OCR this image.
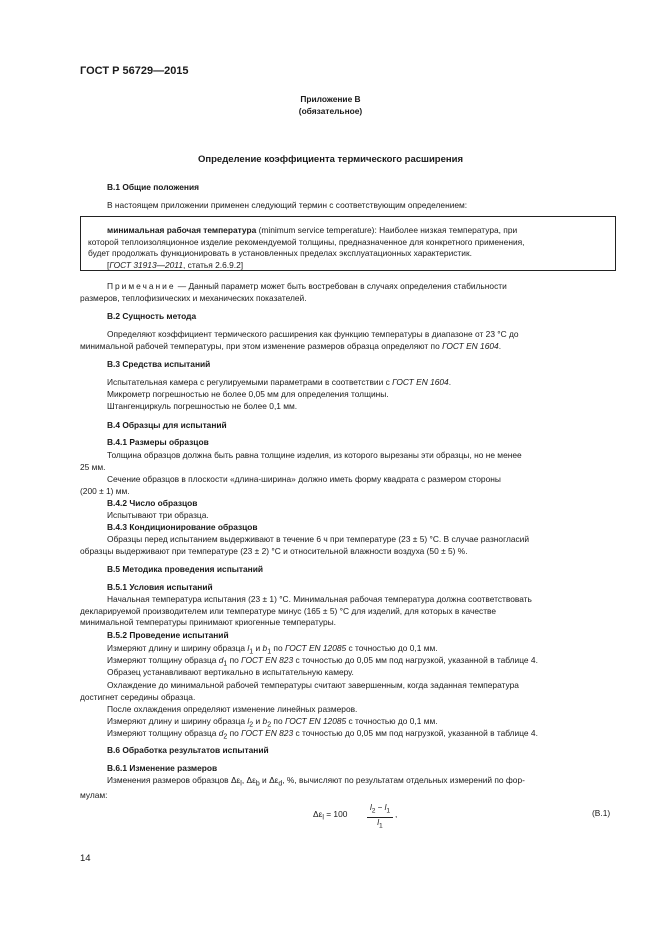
ГОСТ Р 56729—2015
Приложение В
(обязательное)
Определение коэффициента термического расширения
В.1 Общие положения
В настоящем приложении применен следующий термин с соответствующим определением:
минимальная рабочая температура (minimum service temperature): Наиболее низкая температура, при
которой теплоизоляционное изделие рекомендуемой толщины, предназначенное для конкретного применения,
будет продолжать функционировать в установленных пределах эксплуатационных характеристик.
[ГОСТ 31913—2011, статья 2.6.9.2]
Примечание — Данный параметр может быть востребован в случаях определения стабильности
размеров, теплофизических и механических показателей.
В.2 Сущность метода
Определяют коэффициент термического расширения как функцию температуры в диапазоне от 23 °С до
минимальной рабочей температуры, при этом изменение размеров образца определяют по ГОСТ EN 1604.
В.3 Средства испытаний
Испытательная камера с регулируемыми параметрами в соответствии с ГОСТ EN 1604.
Микрометр погрешностью не более 0,05 мм для определения толщины.
Штангенциркуль погрешностью не более 0,1 мм.
В.4 Образцы для испытаний
В.4.1 Размеры образцов
Толщина образцов должна быть равна толщине изделия, из которого вырезаны эти образцы, но не менее
25 мм.
Сечение образцов в плоскости «длина-ширина» должно иметь форму квадрата с размером стороны
(200 ± 1) мм.
В.4.2 Число образцов
Испытывают три образца.
В.4.3 Кондиционирование образцов
Образцы перед испытанием выдерживают в течение 6 ч при температуре (23 ± 5) °С. В случае разногласий
образцы выдерживают при температуре (23 ± 2) °С и относительной влажности воздуха (50 ± 5) %.
В.5 Методика проведения испытаний
В.5.1 Условия испытаний
Начальная температура испытания (23 ± 1) °С. Минимальная рабочая температура должна соответствовать
декларируемой производителем или температуре минус (165 ± 5) °С для изделий, для которых в качестве
минимальной температуры принимают криогенные температуры.
В.5.2 Проведение испытаний
Измеряют длину и ширину образца $l_1$ и $b_1$ по ГОСТ EN 12085 с точностью до 0,1 мм.
Измеряют толщину образца $d_1$ по ГОСТ EN 823 с точностью до 0,05 мм под нагрузкой, указанной в таблице 4.
Образец устанавливают вертикально в испытательную камеру.
Охлаждение до минимальной рабочей температуры считают завершенным, когда заданная температура
достигнет середины образца.
После охлаждения определяют изменение линейных размеров.
Измеряют длину и ширину образца $l_2$ и $b_2$ по ГОСТ EN 12085 с точностью до 0,1 мм.
Измеряют толщину образца $d_2$ по ГОСТ EN 823 с точностью до 0,05 мм под нагрузкой, указанной в таблице 4.
В.6 Обработка результатов испытаний
В.6.1 Изменение размеров
Изменения размеров образцов $\Delta\varepsilon_l$, $\Delta\varepsilon_b$ и $\Delta\varepsilon_d$, %, вычисляют по результатам отдельных измерений по фор-
мулам:
$\Delta\varepsilon_l = 100$
$l_2 - l_1$
$l_1$
,	(В.1)
14
